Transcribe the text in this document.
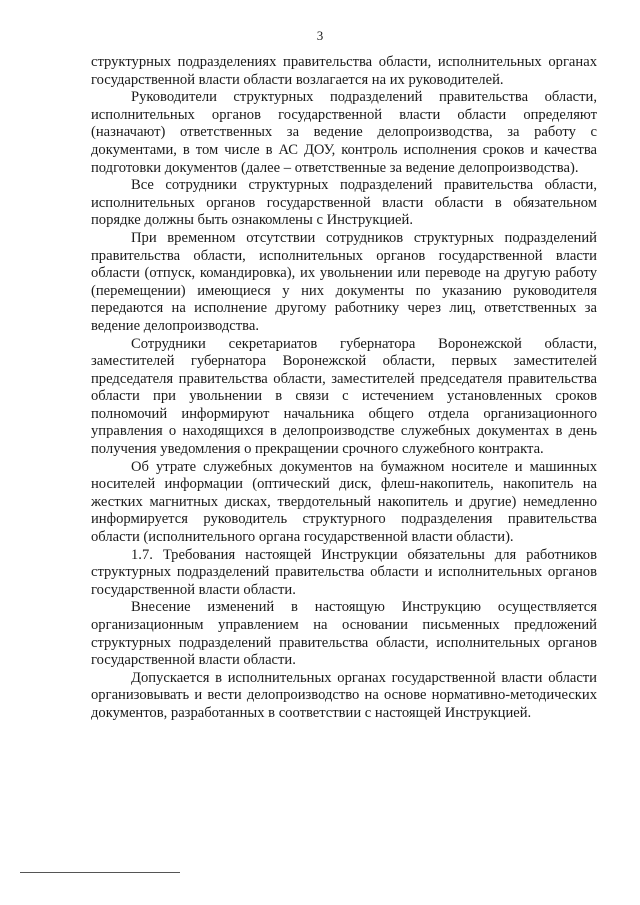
3

структурных подразделениях правительства области, исполнительных органах государственной власти области возлагается на их руководителей.

Руководители структурных подразделений правительства области, исполнительных органов государственной власти области определяют (назначают) ответственных за ведение делопроизводства, за работу с документами, в том числе в АС ДОУ, контроль исполнения сроков и качества подготовки документов (далее – ответственные за ведение делопроизводства).

Все сотрудники структурных подразделений правительства области, исполнительных органов государственной власти области в обязательном порядке должны быть ознакомлены с Инструкцией.

При временном отсутствии сотрудников структурных подразделений правительства области, исполнительных органов государственной власти области (отпуск, командировка), их увольнении или переводе на другую работу (перемещении) имеющиеся у них документы по указанию руководителя передаются на исполнение другому работнику через лиц, ответственных за ведение делопроизводства.

Сотрудники секретариатов губернатора Воронежской области, заместителей губернатора Воронежской области, первых заместителей председателя правительства области, заместителей председателя правительства области при увольнении в связи с истечением установленных сроков полномочий информируют начальника общего отдела организационного управления о находящихся в делопроизводстве служебных документах в день получения уведомления о прекращении срочного служебного контракта.

Об утрате служебных документов на бумажном носителе и машинных носителей информации (оптический диск, флеш-накопитель, накопитель на жестких магнитных дисках, твердотельный накопитель и другие) немедленно информируется руководитель структурного подразделения правительства области (исполнительного органа государственной власти области).

1.7. Требования настоящей Инструкции обязательны для работников структурных подразделений правительства области и исполнительных органов государственной власти области.

Внесение изменений в настоящую Инструкцию осуществляется организационным управлением на основании письменных предложений структурных подразделений правительства области, исполнительных органов государственной власти области.

Допускается в исполнительных органах государственной власти области организовывать и вести делопроизводство на основе нормативно-методических документов, разработанных в соответствии с настоящей Инструкцией.
